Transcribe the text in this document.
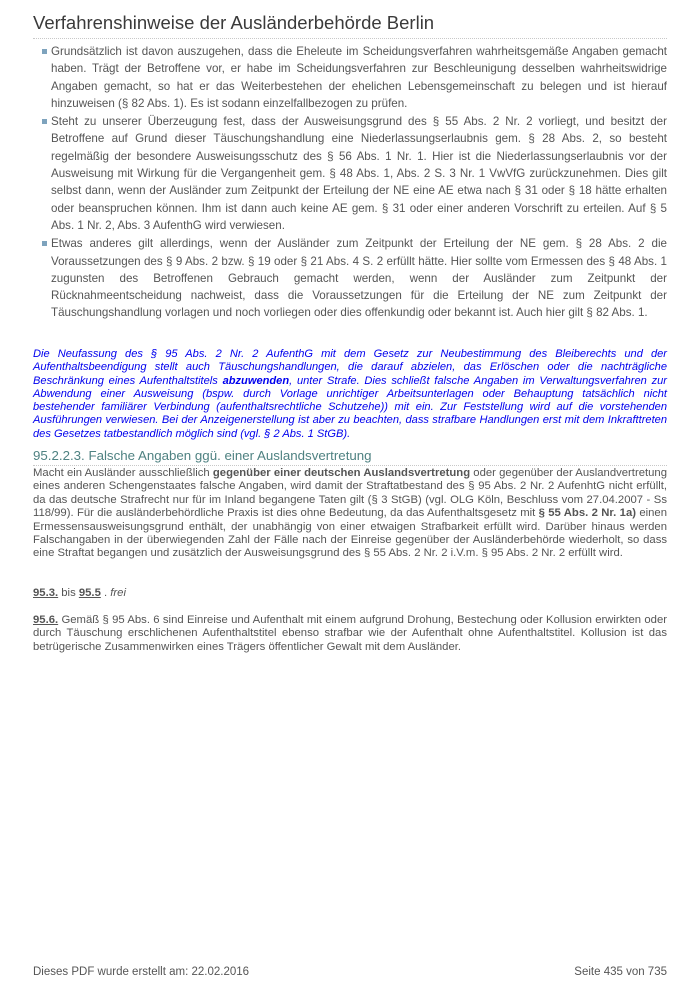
Verfahrenshinweise der Ausländerbehörde Berlin
Grundsätzlich ist davon auszugehen, dass die Eheleute im Scheidungsverfahren wahrheitsgemäße Angaben gemacht haben. Trägt der Betroffene vor, er habe im Scheidungsverfahren zur Beschleunigung desselben wahrheitswidrige Angaben gemacht, so hat er das Weiterbestehen der ehelichen Lebensgemeinschaft zu belegen und ist hierauf hinzuweisen (§ 82 Abs. 1). Es ist sodann einzelfallbezogen zu prüfen.
Steht zu unserer Überzeugung fest, dass der Ausweisungsgrund des § 55 Abs. 2 Nr. 2 vorliegt, und besitzt der Betroffene auf Grund dieser Täuschungshandlung eine Niederlassungserlaubnis gem. § 28 Abs. 2, so besteht regelmäßig der besondere Ausweisungsschutz des § 56 Abs. 1 Nr. 1. Hier ist die Niederlassungserlaubnis vor der Ausweisung mit Wirkung für die Vergangenheit gem. § 48 Abs. 1, Abs. 2 S. 3 Nr. 1 VwVfG zurückzunehmen. Dies gilt selbst dann, wenn der Ausländer zum Zeitpunkt der Erteilung der NE eine AE etwa nach § 31 oder § 18 hätte erhalten oder beanspruchen können. Ihm ist dann auch keine AE gem. § 31 oder einer anderen Vorschrift zu erteilen. Auf § 5 Abs. 1 Nr. 2, Abs. 3 AufenthG wird verwiesen.
Etwas anderes gilt allerdings, wenn der Ausländer zum Zeitpunkt der Erteilung der NE gem. § 28 Abs. 2 die Voraussetzungen des § 9 Abs. 2 bzw. § 19 oder § 21 Abs. 4 S. 2 erfüllt hätte. Hier sollte vom Ermessen des § 48 Abs. 1 zugunsten des Betroffenen Gebrauch gemacht werden, wenn der Ausländer zum Zeitpunkt der Rücknahmeentscheidung nachweist, dass die Voraussetzungen für die Erteilung der NE zum Zeitpunkt der Täuschungshandlung vorlagen und noch vorliegen oder dies offenkundig oder bekannt ist. Auch hier gilt § 82 Abs. 1.
Die Neufassung des § 95 Abs. 2 Nr. 2 AufenthG mit dem Gesetz zur Neubestimmung des Bleiberechts und der Aufenthaltsbeendigung stellt auch Täuschungshandlungen, die darauf abzielen, das Erlöschen oder die nachträgliche Beschränkung eines Aufenthaltstitels abzuwenden, unter Strafe. Dies schließt falsche Angaben im Verwaltungsverfahren zur Abwendung einer Ausweisung (bspw. durch Vorlage unrichtiger Arbeitsunterlagen oder Behauptung tatsächlich nicht bestehender familiärer Verbindung (aufenthaltsrechtliche Schutzehe)) mit ein. Zur Feststellung wird auf die vorstehenden Ausführungen verwiesen. Bei der Anzeigenerstellung ist aber zu beachten, dass strafbare Handlungen erst mit dem Inkrafttreten des Gesetzes tatbestandlich möglich sind (vgl. § 2 Abs. 1 StGB).
95.2.2.3. Falsche Angaben ggü. einer Auslandsvertretung
Macht ein Ausländer ausschließlich gegenüber einer deutschen Auslandsvertretung oder gegenüber der Auslandvertretung eines anderen Schengenstaates falsche Angaben, wird damit der Straftatbestand des § 95 Abs. 2 Nr. 2 AufenhtG nicht erfüllt, da das deutsche Strafrecht nur für im Inland begangene Taten gilt (§ 3 StGB) (vgl. OLG Köln, Beschluss vom 27.04.2007 - Ss 118/99). Für die ausländerbehördliche Praxis ist dies ohne Bedeutung, da das Aufenthaltsgesetz mit § 55 Abs. 2 Nr. 1a) einen Ermessensausweisungsgrund enthält, der unabhängig von einer etwaigen Strafbarkeit erfüllt wird. Darüber hinaus werden Falschangaben in der überwiegenden Zahl der Fälle nach der Einreise gegenüber der Ausländerbehörde wiederholt, so dass eine Straftat begangen und zusätzlich der Ausweisungsgrund des § 55 Abs. 2 Nr. 2 i.V.m. § 95 Abs. 2 Nr. 2 erfüllt wird.
95.3. bis 95.5 . frei
95.6. Gemäß § 95 Abs. 6 sind Einreise und Aufenthalt mit einem aufgrund Drohung, Bestechung oder Kollusion erwirkten oder durch Täuschung erschlichenen Aufenthaltstitel ebenso strafbar wie der Aufenthalt ohne Aufenthaltstitel. Kollusion ist das betrügerische Zusammenwirken eines Trägers öffentlicher Gewalt mit dem Ausländer.
Dieses PDF wurde erstellt am: 22.02.2016	Seite 435 von 735
